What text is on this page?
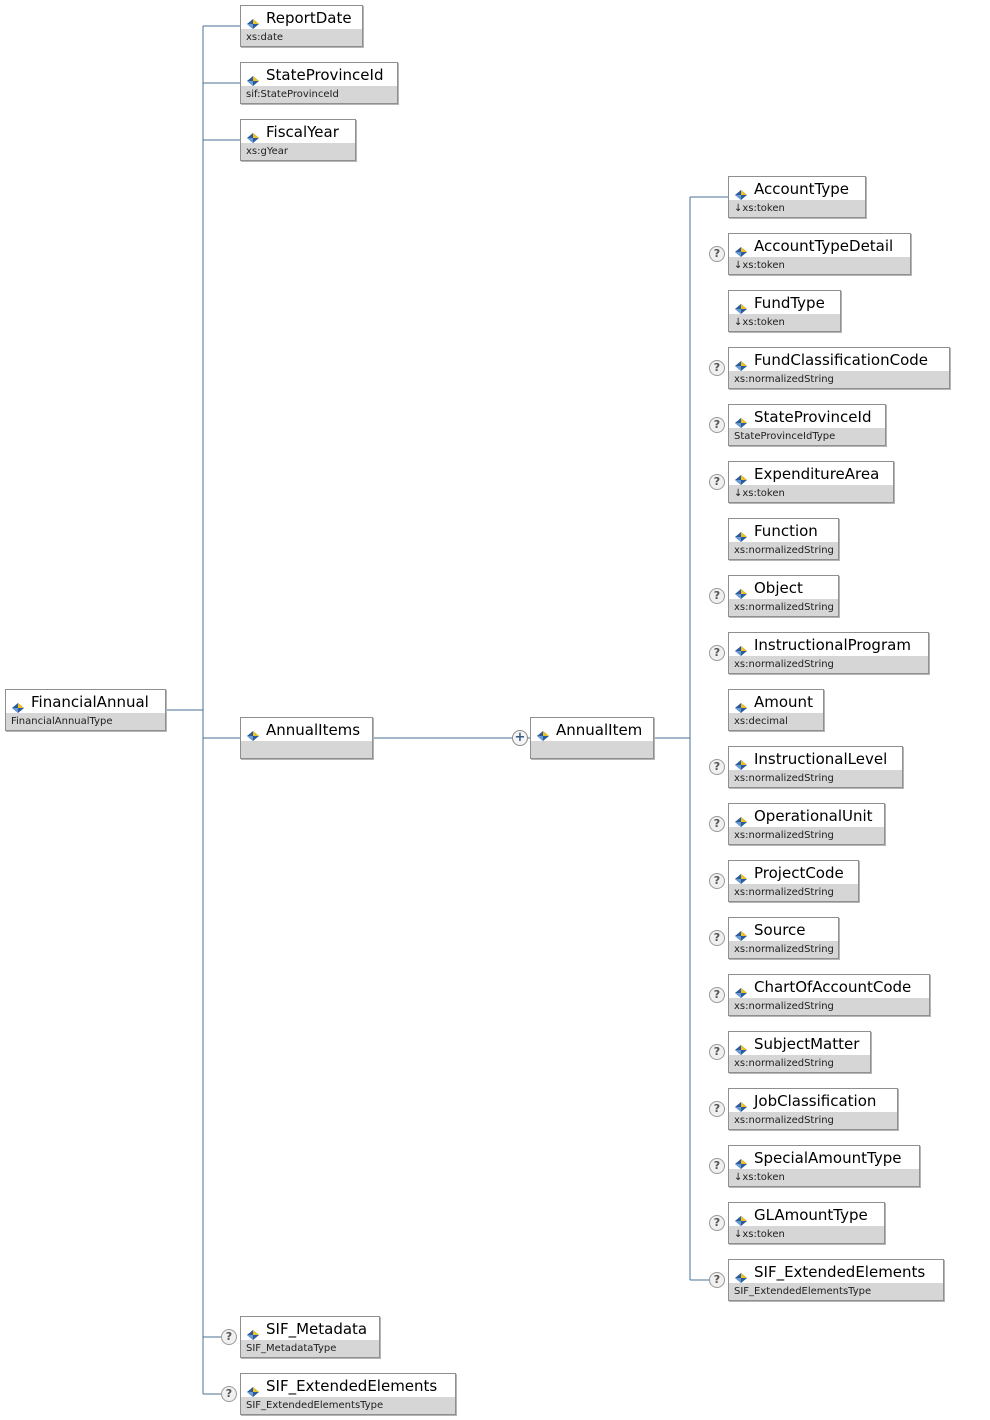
FinancialAnnual
FinancialAnnualType
ReportDate
xs:date
StateProvinceId
sif:StateProvinceId
FiscalYear
xs:gYear
AnnualItems
SIF_Metadata
SIF_MetadataType
?
SIF_ExtendedElements
SIF_ExtendedElementsType
?
+	AnnualItem
AccountType
↓xs:token
AccountTypeDetail
↓xs:token
?
FundType
↓xs:token
FundClassificationCode
xs:normalizedString
?
StateProvinceId
StateProvinceIdType
?
ExpenditureArea
↓xs:token
?
Function
xs:normalizedString
Object
xs:normalizedString
?
InstructionalProgram
xs:normalizedString
?
Amount
xs:decimal
InstructionalLevel
xs:normalizedString
?
OperationalUnit
xs:normalizedString
?
ProjectCode
xs:normalizedString
?
Source
xs:normalizedString
?
ChartOfAccountCode
xs:normalizedString
?
SubjectMatter
xs:normalizedString
?
JobClassification
xs:normalizedString
?
SpecialAmountType
↓xs:token
?
GLAmountType
↓xs:token
?
SIF_ExtendedElements
SIF_ExtendedElementsType
?
